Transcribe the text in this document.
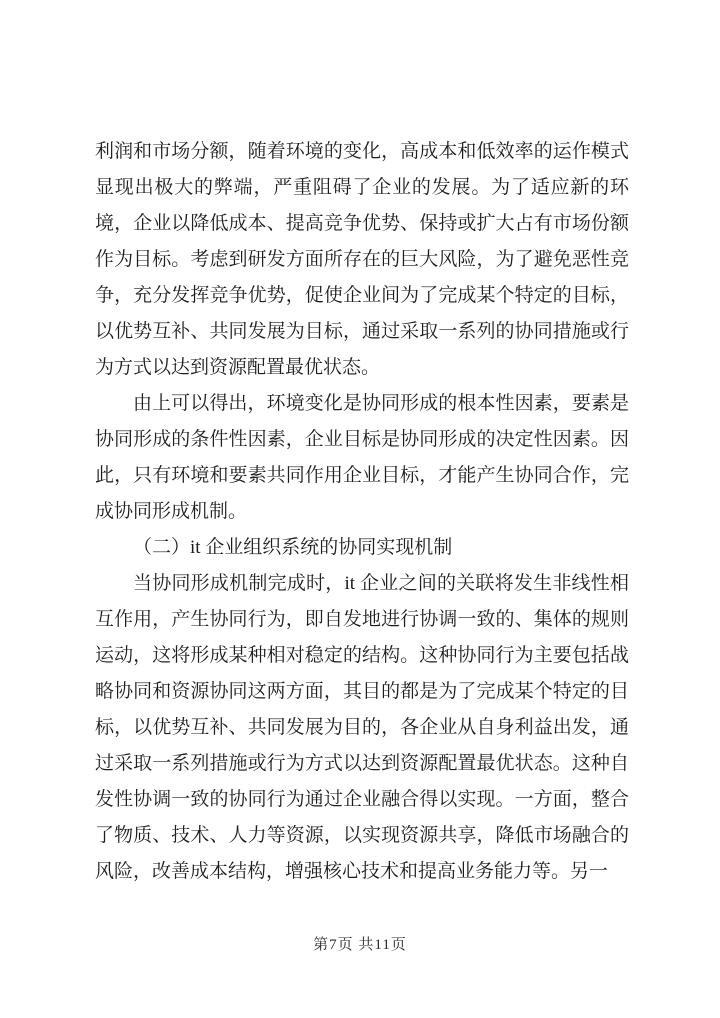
利润和市场分额，随着环境的变化，高成本和低效率的运作模式显现出极大的弊端，严重阻碍了企业的发展。为了适应新的环境，企业以降低成本、提高竞争优势、保持或扩大占有市场份额作为目标。考虑到研发方面所存在的巨大风险，为了避免恶性竞争，充分发挥竞争优势，促使企业间为了完成某个特定的目标，以优势互补、共同发展为目标，通过采取一系列的协同措施或行为方式以达到资源配置最优状态。

由上可以得出，环境变化是协同形成的根本性因素，要素是协同形成的条件性因素，企业目标是协同形成的决定性因素。因此，只有环境和要素共同作用企业目标，才能产生协同合作，完成协同形成机制。

（二）it 企业组织系统的协同实现机制

当协同形成机制完成时，it 企业之间的关联将发生非线性相互作用，产生协同行为，即自发地进行协调一致的、集体的规则运动，这将形成某种相对稳定的结构。这种协同行为主要包括战略协同和资源协同这两方面，其目的都是为了完成某个特定的目标，以优势互补、共同发展为目的，各企业从自身利益出发，通过采取一系列措施或行为方式以达到资源配置最优状态。这种自发性协调一致的协同行为通过企业融合得以实现。一方面，整合了物质、技术、人力等资源，以实现资源共享，降低市场融合的风险，改善成本结构，增强核心技术和提高业务能力等。另一

第7页 共11页
